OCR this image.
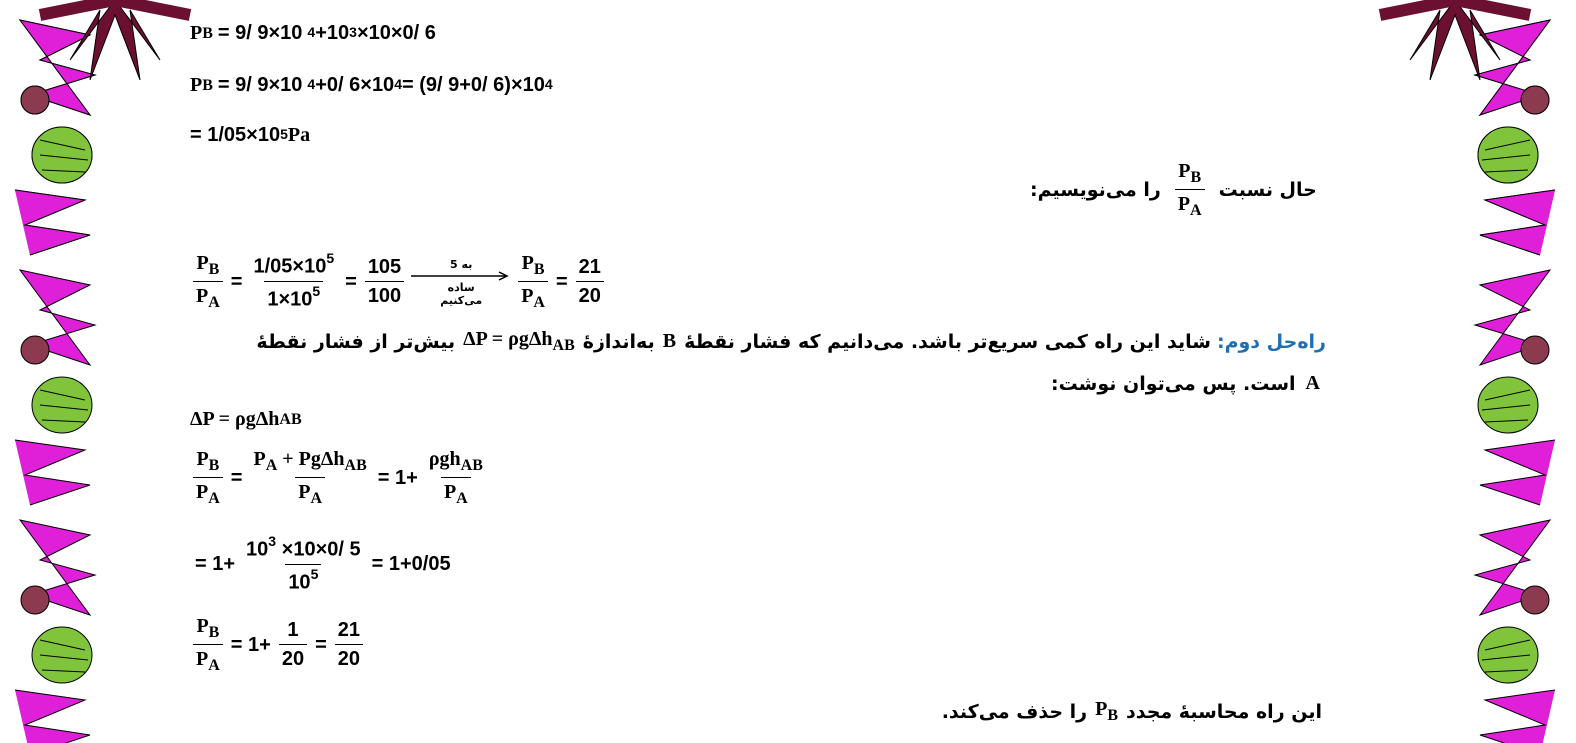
P B = 9/ 9×10 $^4 +10^3 \times 10\times 0/$ 6
P B = 9/ 9×10 $^4$ +0/ $6\times 10^4 = (9/$ 9+0/ $6)\times 10^4$
= $1/05\times 10^5$ Pa
حال نسبت
$\frac{P_B}{P_A}$
را می‌نویسیم:
$\frac{P_B}{P_A} = \frac{1/05\times 10^5}{1\times 10^5} = \frac{105}{100}$	به 5
ساده
می‌کنیم $\frac{P_B}{P_A} = \frac{21}{20}$
راه‌حل دوم:
شاید این راه کمی سریع‌تر باشد. می‌دانیم که فشار نقطهٔ
B
به‌اندازهٔ
ΔP = ρgΔh$_{AB}$
بیش‌تر از فشار نقطهٔ
A
است. پس می‌توان نوشت:
ΔP = ρgΔh AB
$\frac{P_B}{P_A} = \frac{P_A + Pg\Delta h_{AB}}{P_A} = 1+ \frac{\rho gh_{AB}}{P_A}$
= $1+ \frac{10^3 \times 10\times 0/ 5}{10^5} = 1+0/05$
$\frac{P_B}{P_A} = 1+ \frac{1}{20} = \frac{21}{20}$
این راه محاسبهٔ مجدد
$P_B$
را حذف می‌کند.
